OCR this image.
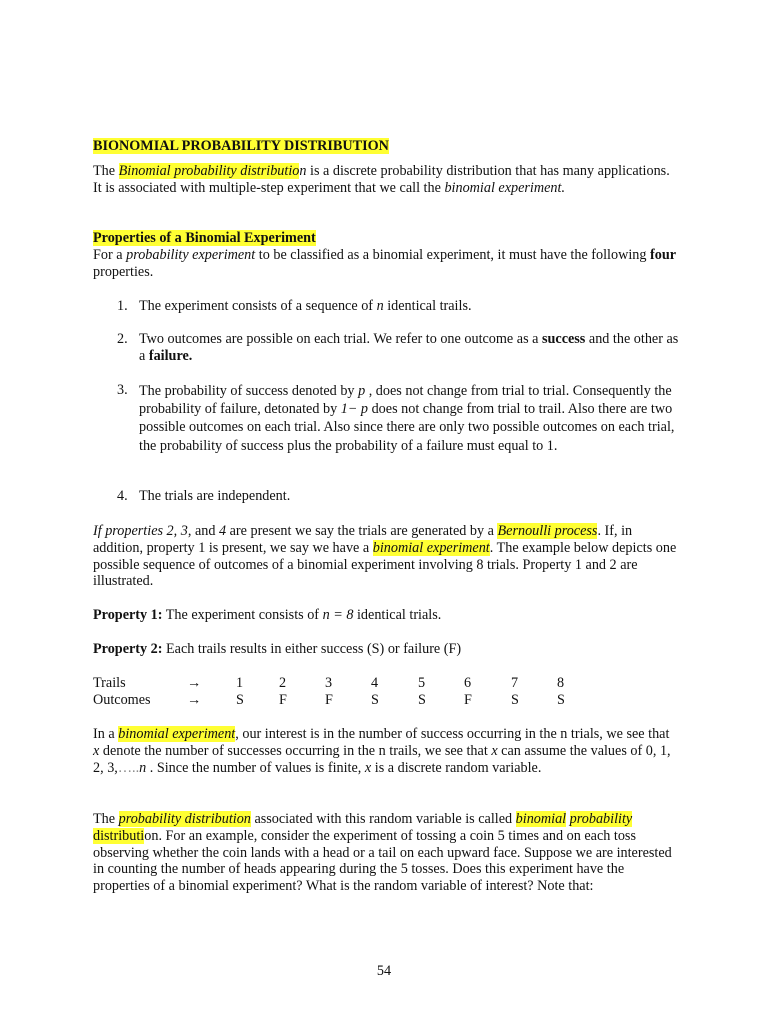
BIONOMIAL PROBABILITY DISTRIBUTION

The Binomial probability distribution is a discrete probability distribution that has many applications. It is associated with multiple-step experiment that we call the binomial experiment.

Properties of a Binomial Experiment

For a probability experiment to be classified as a binomial experiment, it must have the following four properties.

1. The experiment consists of a sequence of n identical trails.
2. Two outcomes are possible on each trial. We refer to one outcome as a success and the other as a failure.
3. The probability of success denoted by p , does not change from trial to trial. Consequently the probability of failure, detonated by 1− p does not change from trial to trail. Also there are two possible outcomes on each trial. Also since there are only two possible outcomes on each trial, the probability of success plus the probability of a failure must equal to 1.
4. The trials are independent.

If properties 2, 3, and 4 are present we say the trials are generated by a Bernoulli process. If, in addition, property 1 is present, we say we have a binomial experiment. The example below depicts one possible sequence of outcomes of a binomial experiment involving 8 trials. Property 1 and 2 are illustrated.

Property 1: The experiment consists of n = 8 identical trials.

Property 2: Each trails results in either success (S) or failure (F)

Trails	→ 1	2	3	4	5	6	7	8
Outcomes	→ S F	F	S	S	F	S	S

In a binomial experiment, our interest is in the number of success occurring in the n trials, we see that x denote the number of successes occurring in the n trails, we see that x can assume the values of 0, 1, 2, 3,…..n . Since the number of values is finite, x is a discrete random variable.

The probability distribution associated with this random variable is called binomial probability distribution. For an example, consider the experiment of tossing a coin 5 times and on each toss observing whether the coin lands with a head or a tail on each upward face. Suppose we are interested in counting the number of heads appearing during the 5 tosses. Does this experiment have the properties of a binomial experiment? What is the random variable of interest? Note that:

54
